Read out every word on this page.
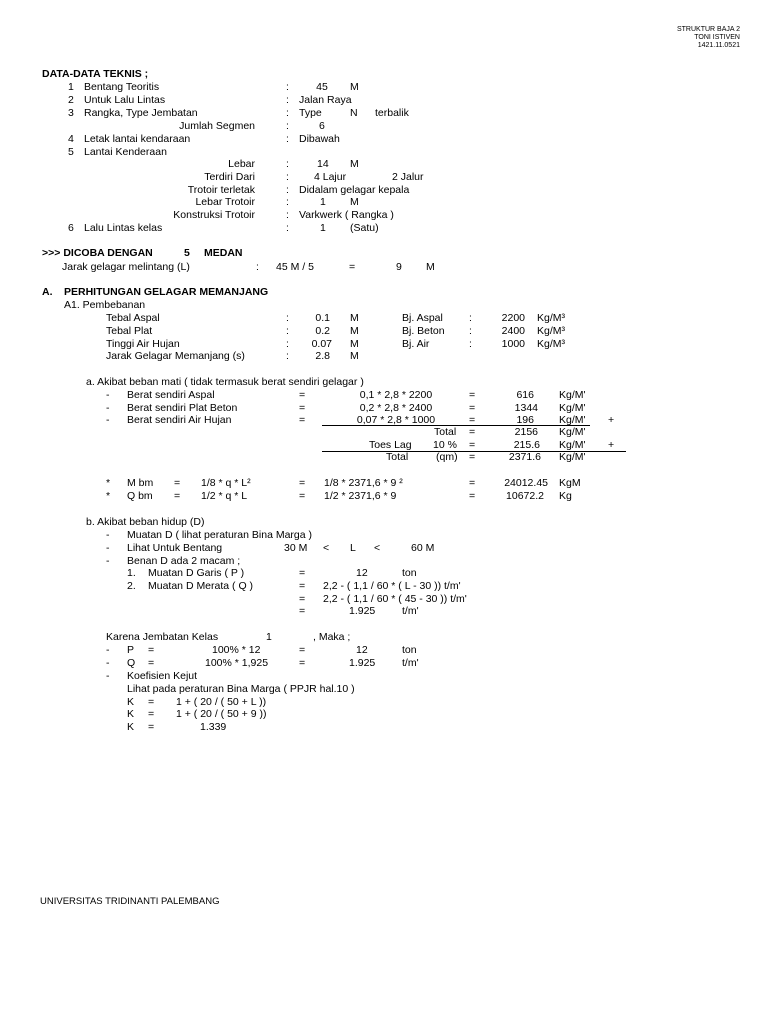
STRUKTUR BAJA 2
TONI ISTIVEN
1421.11.0521
DATA-DATA TEKNIS ;
1 Bentang Teoritis	:	45	M
2 Untuk Lalu Lintas	: Jalan Raya
3 Rangka, Type Jembatan	: Type	N terbalik
Jumlah Segmen	:	6
4 Letak lantai kendaraan	: Dibawah
5 Lantai Kenderaan
Lebar	:	14 M
Terdiri Dari	: 4 Lajur	2 Jalur
Trotoir terletak	: Didalam gelagar kepala
Lebar Trotoir	:	1 M
Konstruksi Trotoir	: Varkwerk ( Rangka )
6 Lalu Lintas kelas	:	1 (Satu)
>>> DICOBA DENGAN	5 MEDAN
Jarak gelagar melintang (L)	: 45 M / 5	=	9 M
A. PERHITUNGAN GELAGAR MEMANJANG
A1. Pembebanan
Tebal Aspal	:	0.1 M	Bj. Aspal :	2200 Kg/M³
Tebal Plat	:	0.2 M	Bj. Beton :	2400 Kg/M³
Tinggi Air Hujan	:	0.07 M	Bj. Air	:	1000 Kg/M³
Jarak Gelagar Memanjang (s)	:	2.8 M
a. Akibat beban mati ( tidak termasuk berat sendiri gelagar )
- Berat sendiri Aspal	=	0,1 * 2,8 * 2200	=	616 Kg/M'
- Berat sendiri Plat Beton	=	0,2 * 2,8 * 2400	=	1344 Kg/M'
- Berat sendiri Air Hujan	=	0,07 * 2,8 * 1000	=	196 Kg/M' +
Total =	2156 Kg/M'
Toes Lag 10 % =	215.6 Kg/M' +
Total	(qm) =	2371.6 Kg/M'
* M bm = 1/8 * q * L²	= 1/8 * 2371,6 * 9 ²	=	24012.45 KgM
* Q bm = 1/2 * q * L	= 1/2 * 2371,6 * 9	=	10672.2 Kg
b. Akibat beban hidup (D)
- Muatan D ( lihat peraturan Bina Marga )
- Lihat Untuk Bentang	30 M < L <	60 M
- Benan D ada 2 macam ;
1. Muatan D Garis ( P )	=	12	ton
2. Muatan D Merata ( Q )	= 2,2 - ( 1,1 / 60 * ( L - 30 )) t/m'
= 2,2 - ( 1,1 / 60 * ( 45 - 30 )) t/m'
=	1.925	t/m'
Karena Jembatan Kelas	1	, Maka ;
- P =	100% * 12	=	12	ton
- Q =	100% * 1,925	=	1.925	t/m'
- Koefisien Kejut
Lihat pada peraturan Bina Marga ( PPJR hal.10 )
K = 1 + ( 20 / ( 50 + L ))
K = 1 + ( 20 / ( 50 + 9 ))
K =	1.339
UNIVERSITAS TRIDINANTI PALEMBANG
